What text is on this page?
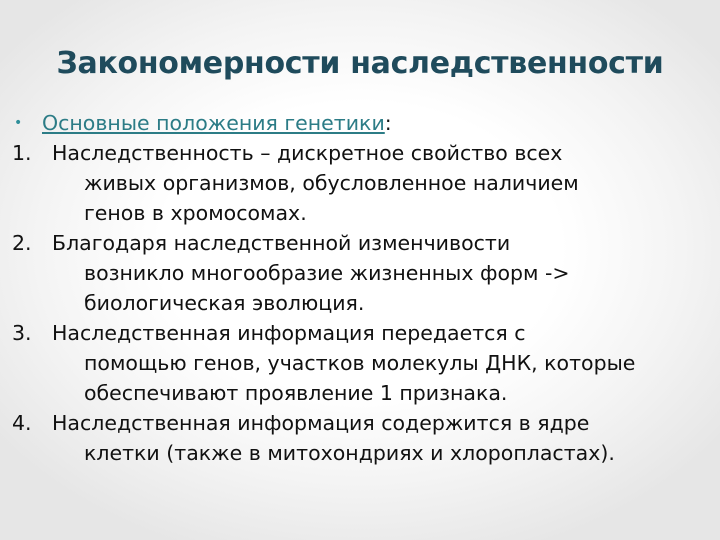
Закономерности наследственности
• Основные положения генетики:
1. Наследственность – дискретное свойство всех
живых организмов, обусловленное наличием
генов в хромосомах.
2. Благодаря наследственной изменчивости
возникло многообразие жизненных форм ->
биологическая эволюция.
3. Наследственная информация передается с
помощью генов, участков молекулы ДНК, которые
обеспечивают проявление 1 признака.
4. Наследственная информация содержится в ядре
клетки (также в митохондриях и хлоропластах).
